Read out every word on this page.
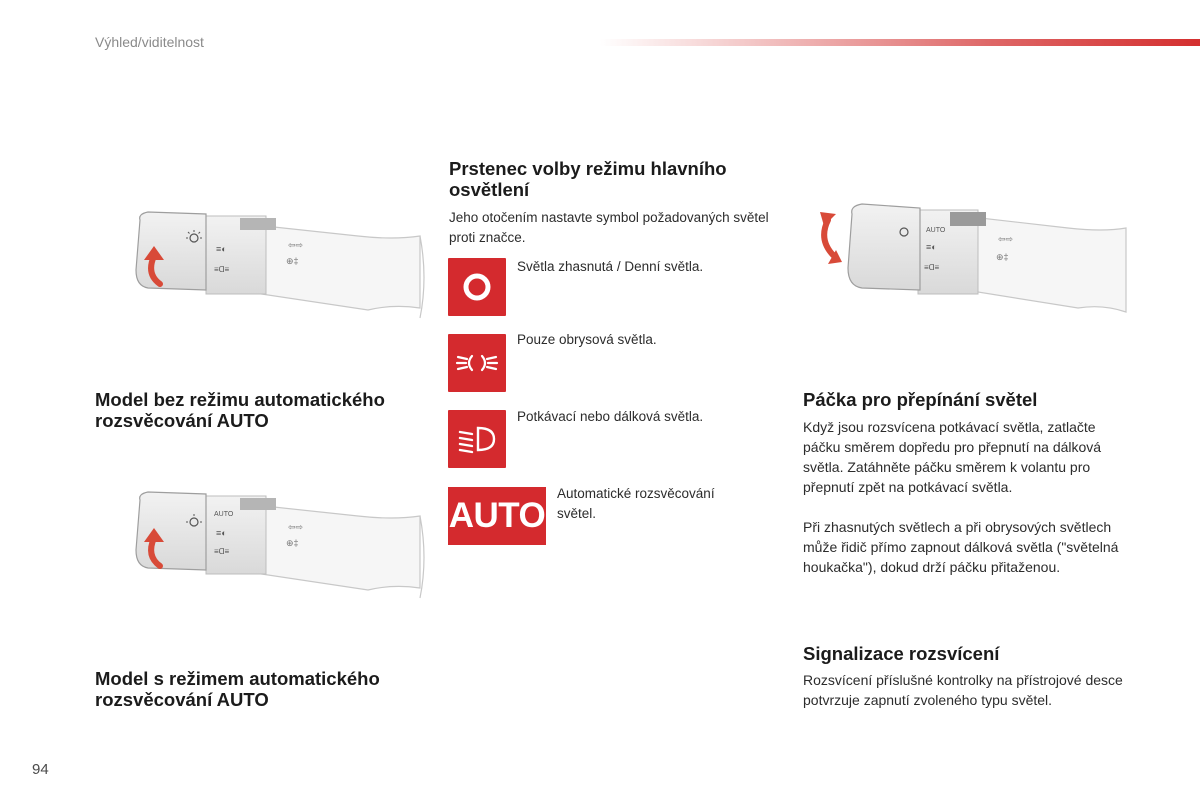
Výhled/viditelnost
94
≡◐
≡Ɑ≡
⇦⇨
⊕‡
AUTO
≡◐
≡Ɑ≡
⇦⇨
⊕‡
AUTO
≡◐
≡Ɑ≡
⇦⇨
⊕‡
Prstenec volby režimu hlavního osvětlení

Jeho otočením nastavte symbol požadovaných světel proti značce.

Světla zhasnutá / Denní světla.

Pouze obrysová světla.

Potkávací nebo dálková světla.

AUTO

Automatické rozsvěcování světel.

Model bez režimu automatického rozsvěcování AUTO
Model s režimem automatického rozsvěcování AUTO
Páčka pro přepínání světel

Když jsou rozsvícena potkávací světla, zatlačte páčku směrem dopředu pro přepnutí na dálková světla. Zatáhněte páčku směrem k volantu pro přepnutí zpět na potkávací světla.

Při zhasnutých světlech a při obrysových světlech může řidič přímo zapnout dálková světla ("světelná houkačka"), dokud drží páčku přitaženou.

Signalizace rozsvícení

Rozsvícení příslušné kontrolky na přístrojové desce potvrzuje zapnutí zvoleného typu světel.
